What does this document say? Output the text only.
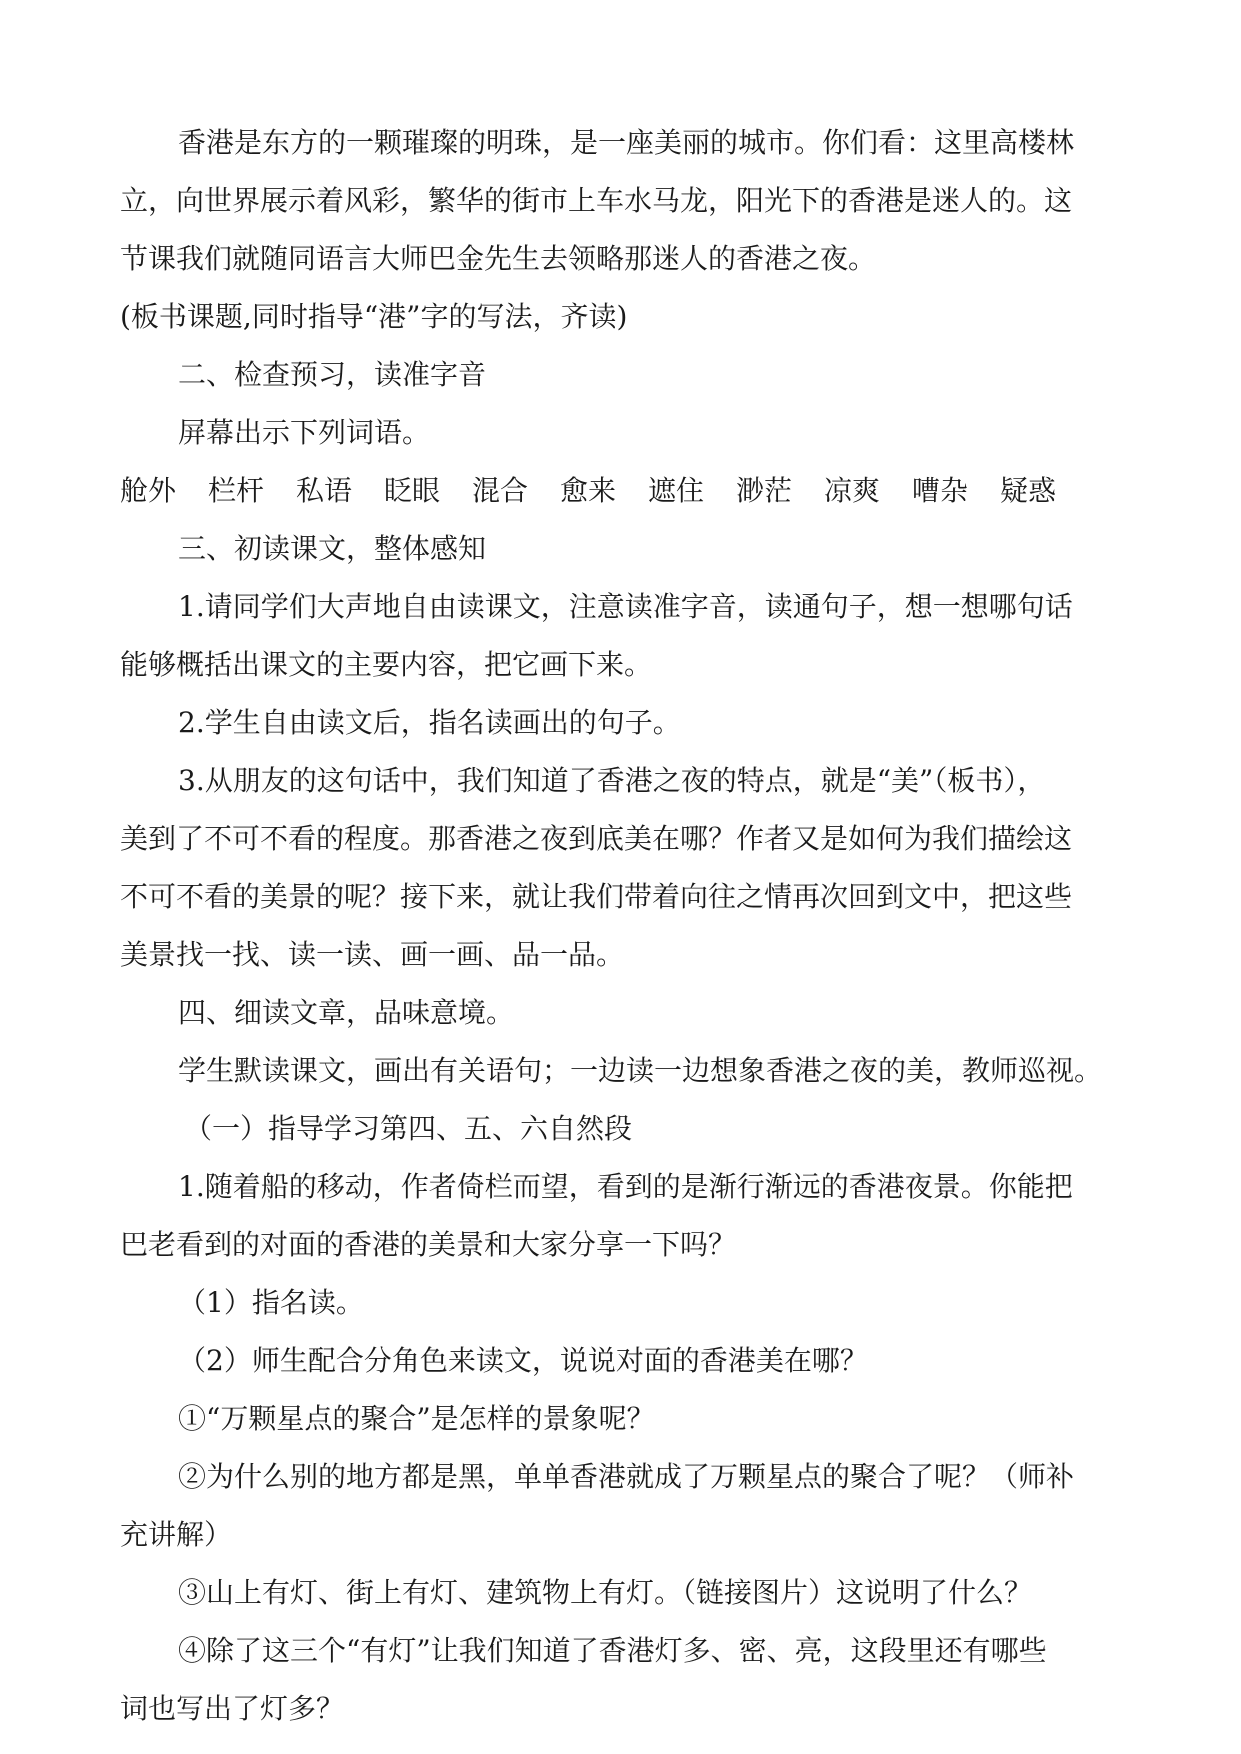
香港是东方的一颗璀璨的明珠，是一座美丽的城市。你们看：这里高楼林
立，向世界展示着风彩，繁华的街市上车水马龙，阳光下的香港是迷人的。这
节课我们就随同语言大师巴金先生去领略那迷人的香港之夜。
(板书课题,同时指导“港”字的写法，齐读)
二、检查预习，读准字音
屏幕出示下列词语。
舱外	栏杆	私语	眨眼	混合	愈来	遮住	渺茫	凉爽	嘈杂	疑惑
三、初读课文，整体感知
1.请同学们大声地自由读课文，注意读准字音，读通句子，想一想哪句话
能够概括出课文的主要内容，把它画下来。
2.学生自由读文后，指名读画出的句子。
3.从朋友的这句话中，我们知道了香港之夜的特点，就是“美”（板书），
美到了不可不看的程度。那香港之夜到底美在哪？作者又是如何为我们描绘这
不可不看的美景的呢？接下来，就让我们带着向往之情再次回到文中，把这些
美景找一找、读一读、画一画、品一品。
四、细读文章，品味意境。
学生默读课文，画出有关语句；一边读一边想象香港之夜的美，教师巡视。
（一）指导学习第四、五、六自然段
1.随着船的移动，作者倚栏而望，看到的是渐行渐远的香港夜景。你能把
巴老看到的对面的香港的美景和大家分享一下吗？
（1）指名读。
（2）师生配合分角色来读文，说说对面的香港美在哪？
①“万颗星点的聚合”是怎样的景象呢？
②为什么别的地方都是黑，单单香港就成了万颗星点的聚合了呢？（师补
充讲解）
③山上有灯、街上有灯、建筑物上有灯。（链接图片）这说明了什么？
④除了这三个“有灯”让我们知道了香港灯多、密、亮，这段里还有哪些
词也写出了灯多？
